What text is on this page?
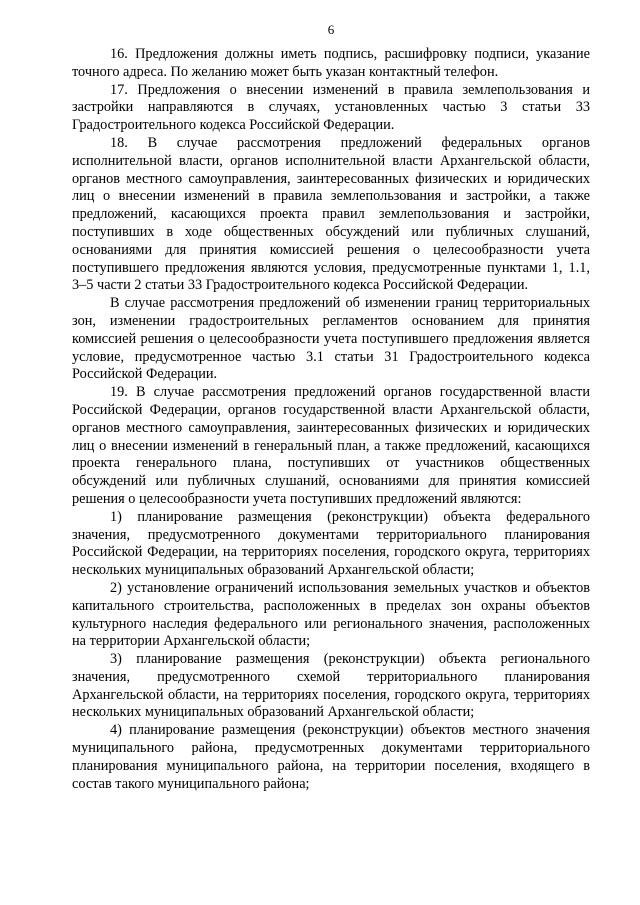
6

16. Предложения должны иметь подпись, расшифровку подписи, указание точного адреса. По желанию может быть указан контактный телефон.

17. Предложения о внесении изменений в правила землепользования и застройки направляются в случаях, установленных частью 3 статьи 33 Градостроительного кодекса Российской Федерации.

18. В случае рассмотрения предложений федеральных органов исполнительной власти, органов исполнительной власти Архангельской области, органов местного самоуправления, заинтересованных физических и юридических лиц о внесении изменений в правила землепользования и застройки, а также предложений, касающихся проекта правил землепользования и застройки, поступивших в ходе общественных обсуждений или публичных слушаний, основаниями для принятия комиссией решения о целесообразности учета поступившего предложения являются условия, предусмотренные пунктами 1, 1.1, 3–5 части 2 статьи 33 Градостроительного кодекса Российской Федерации.

В случае рассмотрения предложений об изменении границ территориальных зон, изменении градостроительных регламентов основанием для принятия комиссией решения о целесообразности учета поступившего предложения является условие, предусмотренное частью 3.1 статьи 31 Градостроительного кодекса Российской Федерации.

19. В случае рассмотрения предложений органов государственной власти Российской Федерации, органов государственной власти Архангельской области, органов местного самоуправления, заинтересованных физических и юридических лиц о внесении изменений в генеральный план, а также предложений, касающихся проекта генерального плана, поступивших от участников общественных обсуждений или публичных слушаний, основаниями для принятия комиссией решения о целесообразности учета поступивших предложений являются:

1) планирование размещения (реконструкции) объекта федерального значения, предусмотренного документами территориального планирования Российской Федерации, на территориях поселения, городского округа, территориях нескольких муниципальных образований Архангельской области;

2) установление ограничений использования земельных участков и объектов капитального строительства, расположенных в пределах зон охраны объектов культурного наследия федерального или регионального значения, расположенных на территории Архангельской области;

3) планирование размещения (реконструкции) объекта регионального значения, предусмотренного схемой территориального планирования Архангельской области, на территориях поселения, городского округа, территориях нескольких муниципальных образований Архангельской области;

4) планирование размещения (реконструкции) объектов местного значения муниципального района, предусмотренных документами территориального планирования муниципального района, на территории поселения, входящего в состав такого муниципального района;
